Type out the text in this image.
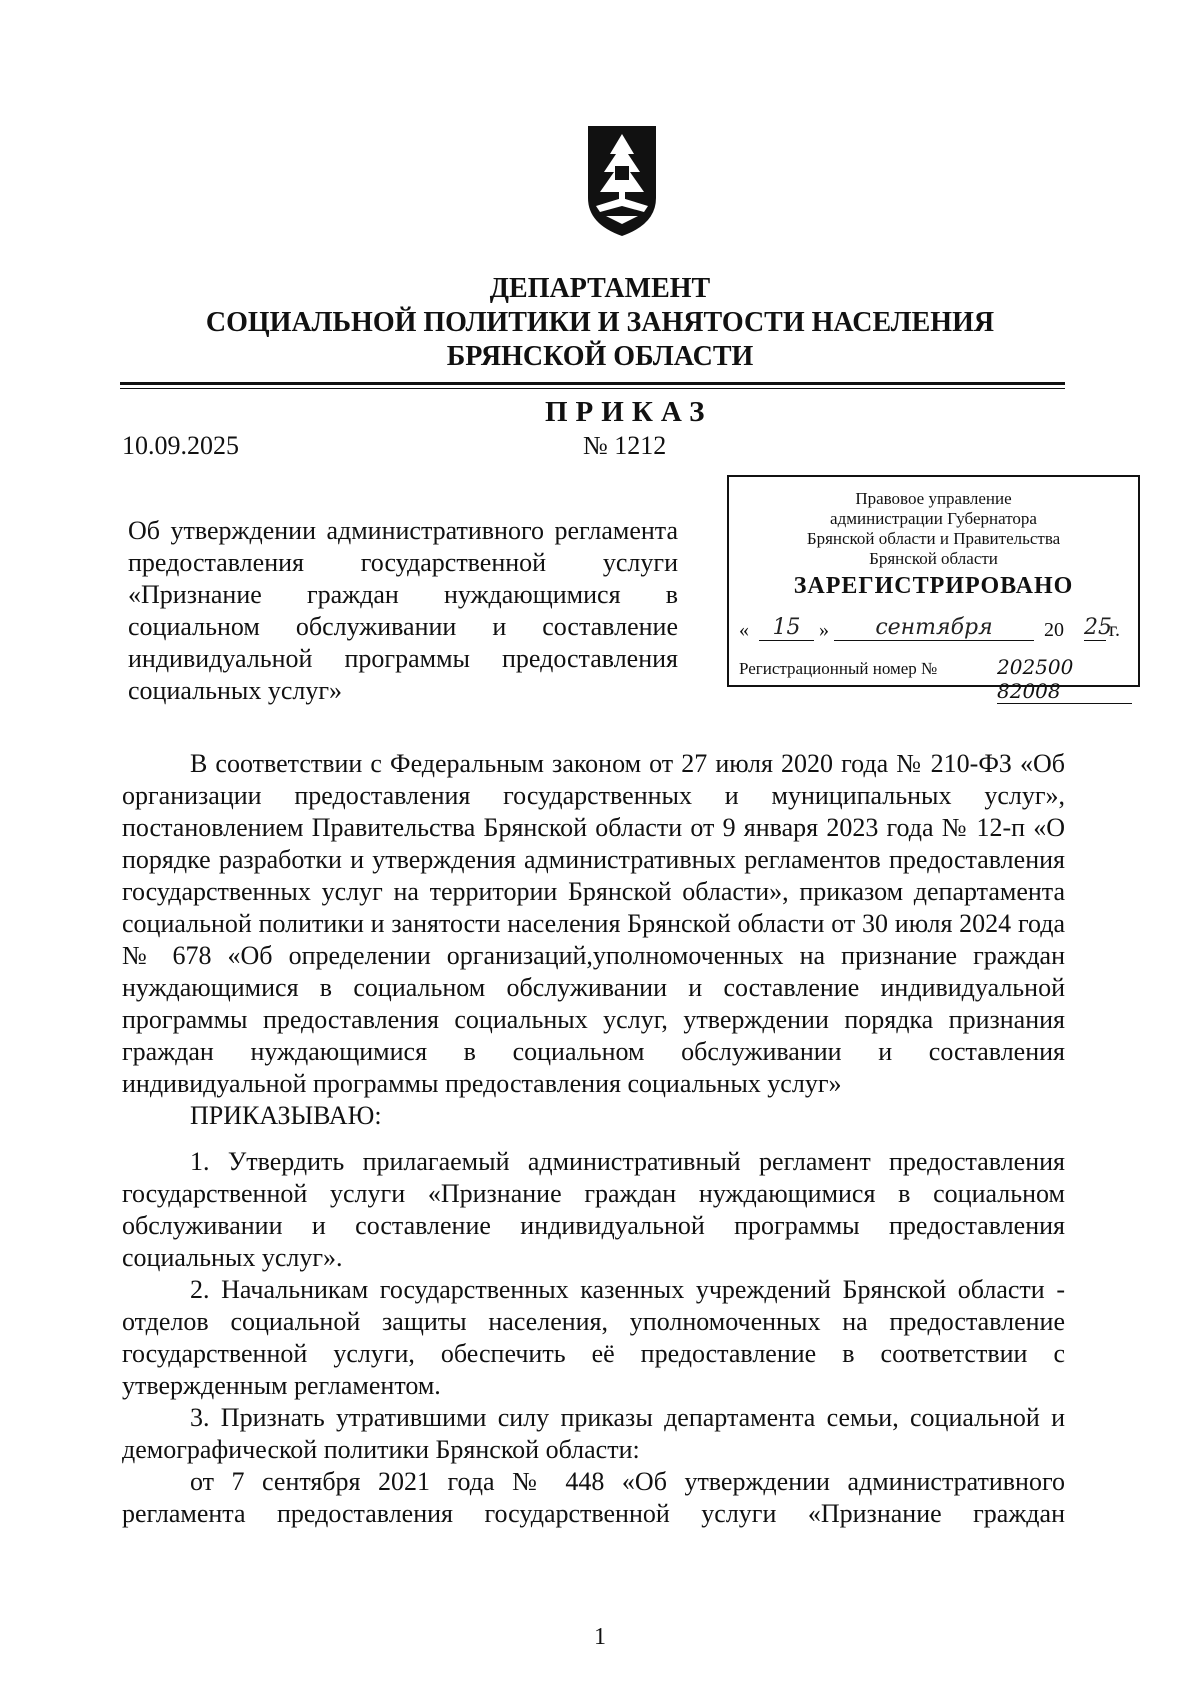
ДЕПАРТАМЕНТ
СОЦИАЛЬНОЙ ПОЛИТИКИ И ЗАНЯТОСТИ НАСЕЛЕНИЯ
БРЯНСКОЙ ОБЛАСТИ
ПРИКАЗ
10.09.2025	№ 1212
Об утверждении административного регламента предоставления государственной услуги «Признание граждан нуждающимися в социальном обслуживании и составление индивидуальной программы предоставления социальных услуг»
Правовое управление
администрации Губернатора
Брянской области и Правительства
Брянской области
ЗАРЕГИСТРИРОВАНО
«	15 »	сентября	20 25
г.
Регистрационный номер №	202500 82008

В соответствии с Федеральным законом от 27 июля 2020 года № 210-ФЗ «Об организации предоставления государственных и муниципальных услуг», постановлением Правительства Брянской области от 9 января 2023 года № 12-п «О порядке разработки и утверждения административных регламентов предоставления государственных услуг на территории Брянской области», приказом департамента социальной политики и занятости населения Брянской области от 30 июля 2024 года № 678 «Об определении организаций,уполномоченных на признание граждан нуждающимися в социальном обслуживании и составление индивидуальной программы предоставления социальных услуг, утверждении порядка признания граждан нуждающимися в социальном обслуживании и составления индивидуальной программы предоставления социальных услуг»

ПРИКАЗЫВАЮ:

1. Утвердить прилагаемый административный регламент предоставления государственной услуги «Признание граждан нуждающимися в социальном обслуживании и составление индивидуальной программы предоставления социальных услуг».

2. Начальникам государственных казенных учреждений Брянской области - отделов социальной защиты населения, уполномоченных на предоставление государственной услуги, обеспечить её предоставление в соответствии с утвержденным регламентом.

3. Признать утратившими силу приказы департамента семьи, социальной и демографической политики Брянской области:

от 7 сентября 2021 года № 448 «Об утверждении административного регламента предоставления государственной услуги «Признание граждан

1
